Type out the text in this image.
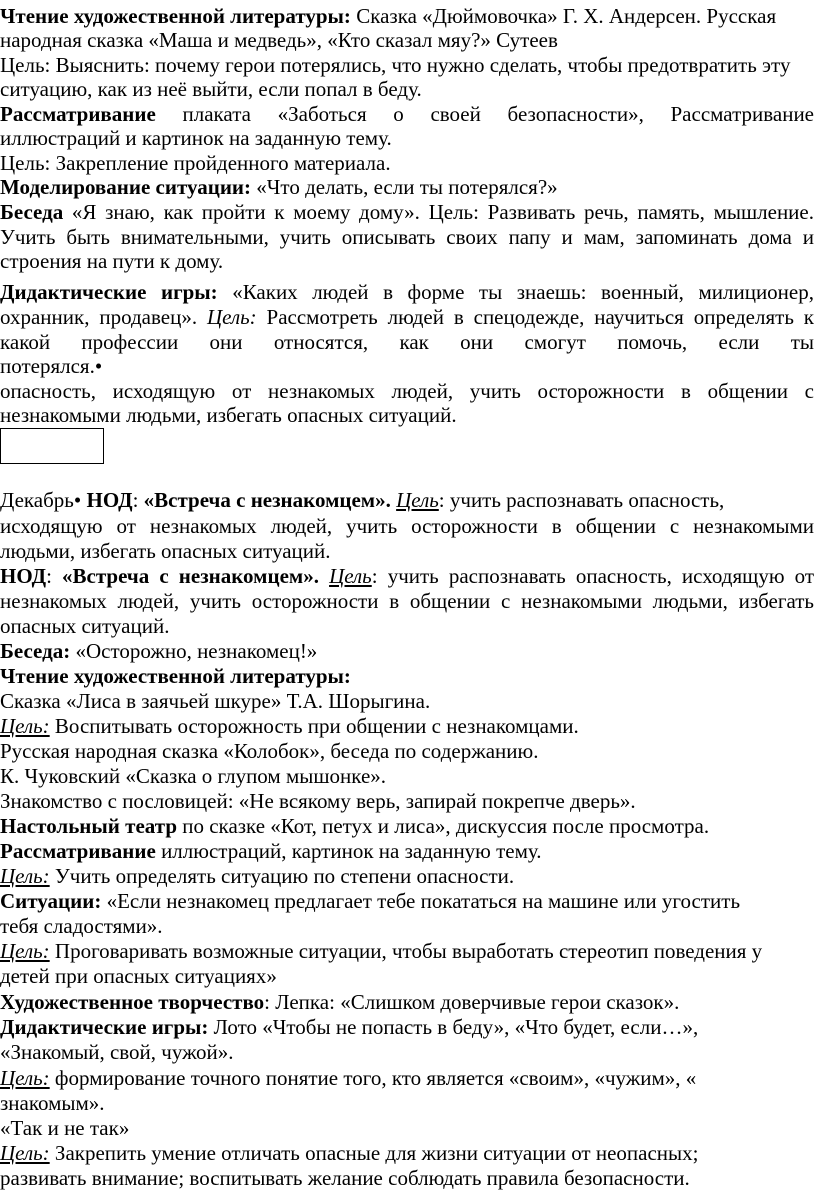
Чтение художественной литературы: Сказка «Дюймовочка» Г. Х. Андерсен. Русская
народная сказка «Маша и медведь», «Кто сказал мяу?» Сутеев
Цель: Выяснить: почему герои потерялись, что нужно сделать, чтобы предотвратить эту
ситуацию, как из неё выйти, если попал в беду.
Рассматривание плаката «Заботься о своей безопасности», Рассматривание
иллюстраций и картинок на заданную тему.
Цель: Закрепление пройденного материала.
Моделирование ситуации: «Что делать, если ты потерялся?»
Беседа «Я знаю, как пройти к моему дому». Цель: Развивать речь, память, мышление.
Учить быть внимательными, учить описывать своих папу и мам, запоминать дома и
строения на пути к дому.
Дидактические игры: «Каких людей в форме ты знаешь: военный, милиционер,
охранник, продавец». Цель: Рассмотреть людей в спецодежде, научиться определять к
какой профессии они относятся, как они смогут помочь, если ты
потерялся.•
опасность, исходящую от незнакомых людей, учить осторожности в общении с
незнакомыми людьми, избегать опасных ситуаций.
Декабрь• НОД: «Встреча с незнакомцем». Цель: учить распознавать опасность,
исходящую от незнакомых людей, учить осторожности в общении с незнакомыми
людьми, избегать опасных ситуаций.
НОД: «Встреча с незнакомцем». Цель: учить распознавать опасность, исходящую от
незнакомых людей, учить осторожности в общении с незнакомыми людьми, избегать
опасных ситуаций.
Беседа: «Осторожно, незнакомец!»
Чтение художественной литературы:
Сказка «Лиса в заячьей шкуре» Т.А. Шорыгина.
Цель: Воспитывать осторожность при общении с незнакомцами.
Русская народная сказка «Колобок», беседа по содержанию.
К. Чуковский «Сказка о глупом мышонке».
Знакомство с пословицей: «Не всякому верь, запирай покрепче дверь».
Настольный театр по сказке «Кот, петух и лиса», дискуссия после просмотра.
Рассматривание иллюстраций, картинок на заданную тему.
Цель: Учить определять ситуацию по степени опасности.
Ситуации: «Если незнакомец предлагает тебе покататься на машине или угостить
тебя сладостями».
Цель: Проговаривать возможные ситуации, чтобы выработать стереотип поведения у
детей при опасных ситуациях»
Художественное творчество: Лепка: «Слишком доверчивые герои сказок».
Дидактические игры: Лото «Чтобы не попасть в беду», «Что будет, если…»,
«Знакомый, свой, чужой».
Цель: формирование точного понятие того, кто является «своим», «чужим», «
знакомым».
«Так и не так»
Цель: Закрепить умение отличать опасные для жизни ситуации от неопасных;
развивать внимание; воспитывать желание соблюдать правила безопасности.
